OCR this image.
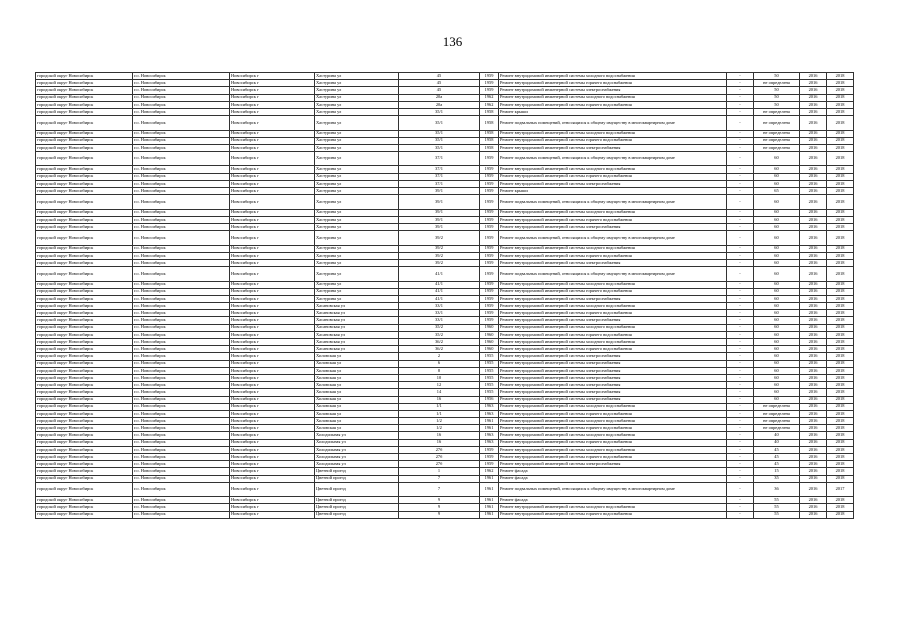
136
городской округ Новосибирск	г.о. Новосибирск	Новосибирск г	Хастурина ул	45	1959	Ремонт внутридомовой инженерной системы холодного водоснабжения	-	50	2016	2018
городской округ Новосибирск	г.о. Новосибирск	Новосибирск г	Хастурина ул	45	1959	Ремонт внутридомовой инженерной системы горячего водоснабжения	-	не определена	2016	2018
городской округ Новосибирск	г.о. Новосибирск	Новосибирск г	Хастурина ул	45	1959	Ремонт внутридомовой инженерной системы электроснабжения	-	50	2016	2018
городской округ Новосибирск	г.о. Новосибирск	Новосибирск г	Хастурина ул	20а	1962	Ремонт внутридомовой инженерной системы холодного водоснабжения	-	50	2016	2018
городской округ Новосибирск	г.о. Новосибирск	Новосибирск г	Хастурина ул	20а	1962	Ремонт внутридомовой инженерной системы горячего водоснабжения	-	50	2016	2018
городской округ Новосибирск	г.о. Новосибирск	Новосибирск г	Хастурина ул	35/1	1958	Ремонт крыши	-	не определена	2016	2018
городской округ Новосибирск	г.о. Новосибирск	Новосибирск г	Хастурина ул	35/1	1958	Ремонт подвальных помещений, относящихся к общему имуществу в многоквартирном доме	-	не определена	2016	2018
городской округ Новосибирск	г.о. Новосибирск	Новосибирск г	Хастурина ул	35/1	1958	Ремонт внутридомовой инженерной системы холодного водоснабжения	-	не определена	2016	2018
городской округ Новосибирск	г.о. Новосибирск	Новосибирск г	Хастурина ул	35/1	1958	Ремонт внутридомовой инженерной системы горячего водоснабжения	-	не определена	2016	2018
городской округ Новосибирск	г.о. Новосибирск	Новосибирск г	Хастурина ул	35/1	1958	Ремонт внутридомовой инженерной системы электроснабжения	-	не определена	2016	2018
городской округ Новосибирск	г.о. Новосибирск	Новосибирск г	Хастурина ул	37/1	1959	Ремонт подвальных помещений, относящихся к общему имуществу в многоквартирном доме	-	60	2016	2018
городской округ Новосибирск	г.о. Новосибирск	Новосибирск г	Хастурина ул	37/1	1959	Ремонт внутридомовой инженерной системы холодного водоснабжения	-	60	2016	2018
городской округ Новосибирск	г.о. Новосибирск	Новосибирск г	Хастурина ул	37/1	1959	Ремонт внутридомовой инженерной системы горячего водоснабжения	-	60	2016	2018
городской округ Новосибирск	г.о. Новосибирск	Новосибирск г	Хастурина ул	37/1	1959	Ремонт внутридомовой инженерной системы электроснабжения	-	60	2016	2018
городской округ Новосибирск	г.о. Новосибирск	Новосибирск г	Хастурина ул	39/1	1959	Ремонт крыши	-	65	2016	2018
городской округ Новосибирск	г.о. Новосибирск	Новосибирск г	Хастурина ул	39/1	1959	Ремонт подвальных помещений, относящихся к общему имуществу в многоквартирном доме	-	60	2016	2018
городской округ Новосибирск	г.о. Новосибирск	Новосибирск г	Хастурина ул	39/1	1959	Ремонт внутридомовой инженерной системы холодного водоснабжения	-	60	2016	2018
городской округ Новосибирск	г.о. Новосибирск	Новосибирск г	Хастурина ул	39/1	1959	Ремонт внутридомовой инженерной системы горячего водоснабжения	-	60	2016	2018
городской округ Новосибирск	г.о. Новосибирск	Новосибирск г	Хастурина ул	39/1	1959	Ремонт внутридомовой инженерной системы электроснабжения	-	60	2016	2018
городской округ Новосибирск	г.о. Новосибирск	Новосибирск г	Хастурина ул	39/2	1959	Ремонт подвальных помещений, относящихся к общему имуществу в многоквартирном доме	-	60	2016	2018
городской округ Новосибирск	г.о. Новосибирск	Новосибирск г	Хастурина ул	39/2	1959	Ремонт внутридомовой инженерной системы холодного водоснабжения	-	60	2016	2018
городской округ Новосибирск	г.о. Новосибирск	Новосибирск г	Хастурина ул	39/2	1959	Ремонт внутридомовой инженерной системы горячего водоснабжения	-	60	2016	2018
городской округ Новосибирск	г.о. Новосибирск	Новосибирск г	Хастурина ул	39/2	1959	Ремонт внутридомовой инженерной системы электроснабжения	-	60	2016	2018
городской округ Новосибирск	г.о. Новосибирск	Новосибирск г	Хастурина ул	41/1	1959	Ремонт подвальных помещений, относящихся к общему имуществу в многоквартирном доме	-	60	2016	2018
городской округ Новосибирск	г.о. Новосибирск	Новосибирск г	Хастурина ул	41/1	1959	Ремонт внутридомовой инженерной системы холодного водоснабжения	-	60	2016	2018
городской округ Новосибирск	г.о. Новосибирск	Новосибирск г	Хастурина ул	41/1	1959	Ремонт внутридомовой инженерной системы горячего водоснабжения	-	60	2016	2018
городской округ Новосибирск	г.о. Новосибирск	Новосибирск г	Хастурина ул	41/1	1959	Ремонт внутридомовой инженерной системы электроснабжения	-	60	2016	2018
городской округ Новосибирск	г.о. Новосибирск	Новосибирск г	Хасановская ул	33/1	1959	Ремонт внутридомовой инженерной системы холодного водоснабжения	-	60	2016	2018
городской округ Новосибирск	г.о. Новосибирск	Новосибирск г	Хасановская ул	33/1	1959	Ремонт внутридомовой инженерной системы горячего водоснабжения	-	60	2016	2018
городской округ Новосибирск	г.о. Новосибирск	Новосибирск г	Хасановская ул	33/1	1959	Ремонт внутридомовой инженерной системы электроснабжения	-	60	2016	2018
городской округ Новосибирск	г.о. Новосибирск	Новосибирск г	Хасановская ул	35/2	1960	Ремонт внутридомовой инженерной системы холодного водоснабжения	-	60	2016	2018
городской округ Новосибирск	г.о. Новосибирск	Новосибирск г	Хасановская ул	35/2	1960	Ремонт внутридомовой инженерной системы горячего водоснабжения	-	60	2016	2018
городской округ Новосибирск	г.о. Новосибирск	Новосибирск г	Хасановская ул	36/2	1960	Ремонт внутридомовой инженерной системы холодного водоснабжения	-	60	2016	2018
городской округ Новосибирск	г.о. Новосибирск	Новосибирск г	Хасановская ул	36/2	1960	Ремонт внутридомовой инженерной системы горячего водоснабжения	-	60	2016	2018
городской округ Новосибирск	г.о. Новосибирск	Новосибирск г	Хиловская ул	2	1955	Ремонт внутридомовой инженерной системы электроснабжения	-	60	2016	2018
городской округ Новосибирск	г.о. Новосибирск	Новосибирск г	Хиловская ул	6	1955	Ремонт внутридомовой инженерной системы электроснабжения	-	60	2016	2018
городской округ Новосибирск	г.о. Новосибирск	Новосибирск г	Хиловская ул	8	1955	Ремонт внутридомовой инженерной системы электроснабжения	-	60	2016	2018
городской округ Новосибирск	г.о. Новосибирск	Новосибирск г	Хиловская ул	10	1955	Ремонт внутридомовой инженерной системы электроснабжения	-	60	2016	2018
городской округ Новосибирск	г.о. Новосибирск	Новосибирск г	Хиловская ул	12	1955	Ремонт внутридомовой инженерной системы электроснабжения	-	60	2016	2018
городской округ Новосибирск	г.о. Новосибирск	Новосибирск г	Хиловская ул	14	1955	Ремонт внутридомовой инженерной системы электроснабжения	-	60	2016	2018
городской округ Новосибирск	г.о. Новосибирск	Новосибирск г	Хиловская ул	16	1956	Ремонт внутридомовой инженерной системы электроснабжения	-	60	2016	2018
городской округ Новосибирск	г.о. Новосибирск	Новосибирск г	Хиловская ул	1/1	1963	Ремонт внутридомовой инженерной системы холодного водоснабжения	-	не определена	2016	2018
городской округ Новосибирск	г.о. Новосибирск	Новосибирск г	Хиловская ул	1/1	1963	Ремонт внутридомовой инженерной системы горячего водоснабжения	-	не определена	2016	2018
городской округ Новосибирск	г.о. Новосибирск	Новосибирск г	Хиловская ул	1/2	1961	Ремонт внутридомовой инженерной системы холодного водоснабжения	-	не определена	2016	2018
городской округ Новосибирск	г.о. Новосибирск	Новосибирск г	Хиловская ул	1/2	1961	Ремонт внутридомовой инженерной системы горячего водоснабжения	-	не определена	2016	2018
городской округ Новосибирск	г.о. Новосибирск	Новосибирск г	Холодильная ул	16	1963	Ремонт внутридомовой инженерной системы холодного водоснабжения	-	40	2016	2018
городской округ Новосибирск	г.о. Новосибирск	Новосибирск г	Холодильная ул	16	1963	Ремонт внутридомовой инженерной системы горячего водоснабжения	-	40	2016	2018
городской округ Новосибирск	г.о. Новосибирск	Новосибирск г	Холодильная ул	27б	1959	Ремонт внутридомовой инженерной системы холодного водоснабжения	-	45	2016	2018
городской округ Новосибирск	г.о. Новосибирск	Новосибирск г	Холодильная ул	27б	1959	Ремонт внутридомовой инженерной системы горячего водоснабжения	-	45	2016	2018
городской округ Новосибирск	г.о. Новосибирск	Новосибирск г	Холодильная ул	27б	1959	Ремонт внутридомовой инженерной системы электроснабжения	-	45	2016	2018
городской округ Новосибирск	г.о. Новосибирск	Новосибирск г	Цветной проезд	1	1962	Ремонт фасада	-	15	2016	2018
городской округ Новосибирск	г.о. Новосибирск	Новосибирск г	Цветной проезд	7	1961	Ремонт фасада	-	35	2016	2018
городской округ Новосибирск	г.о. Новосибирск	Новосибирск г	Цветной проезд	7	1961	Ремонт подвальных помещений, относящихся к общему имуществу в многоквартирном доме	-	36	2016	2017
городской округ Новосибирск	г.о. Новосибирск	Новосибирск г	Цветной проезд	9	1961	Ремонт фасада	-	55	2016	2018
городской округ Новосибирск	г.о. Новосибирск	Новосибирск г	Цветной проезд	9	1961	Ремонт внутридомовой инженерной системы холодного водоснабжения	-	55	2016	2018
городской округ Новосибирск	г.о. Новосибирск	Новосибирск г	Цветной проезд	9	1961	Ремонт внутридомовой инженерной системы горячего водоснабжения	-	55	2016	2018
